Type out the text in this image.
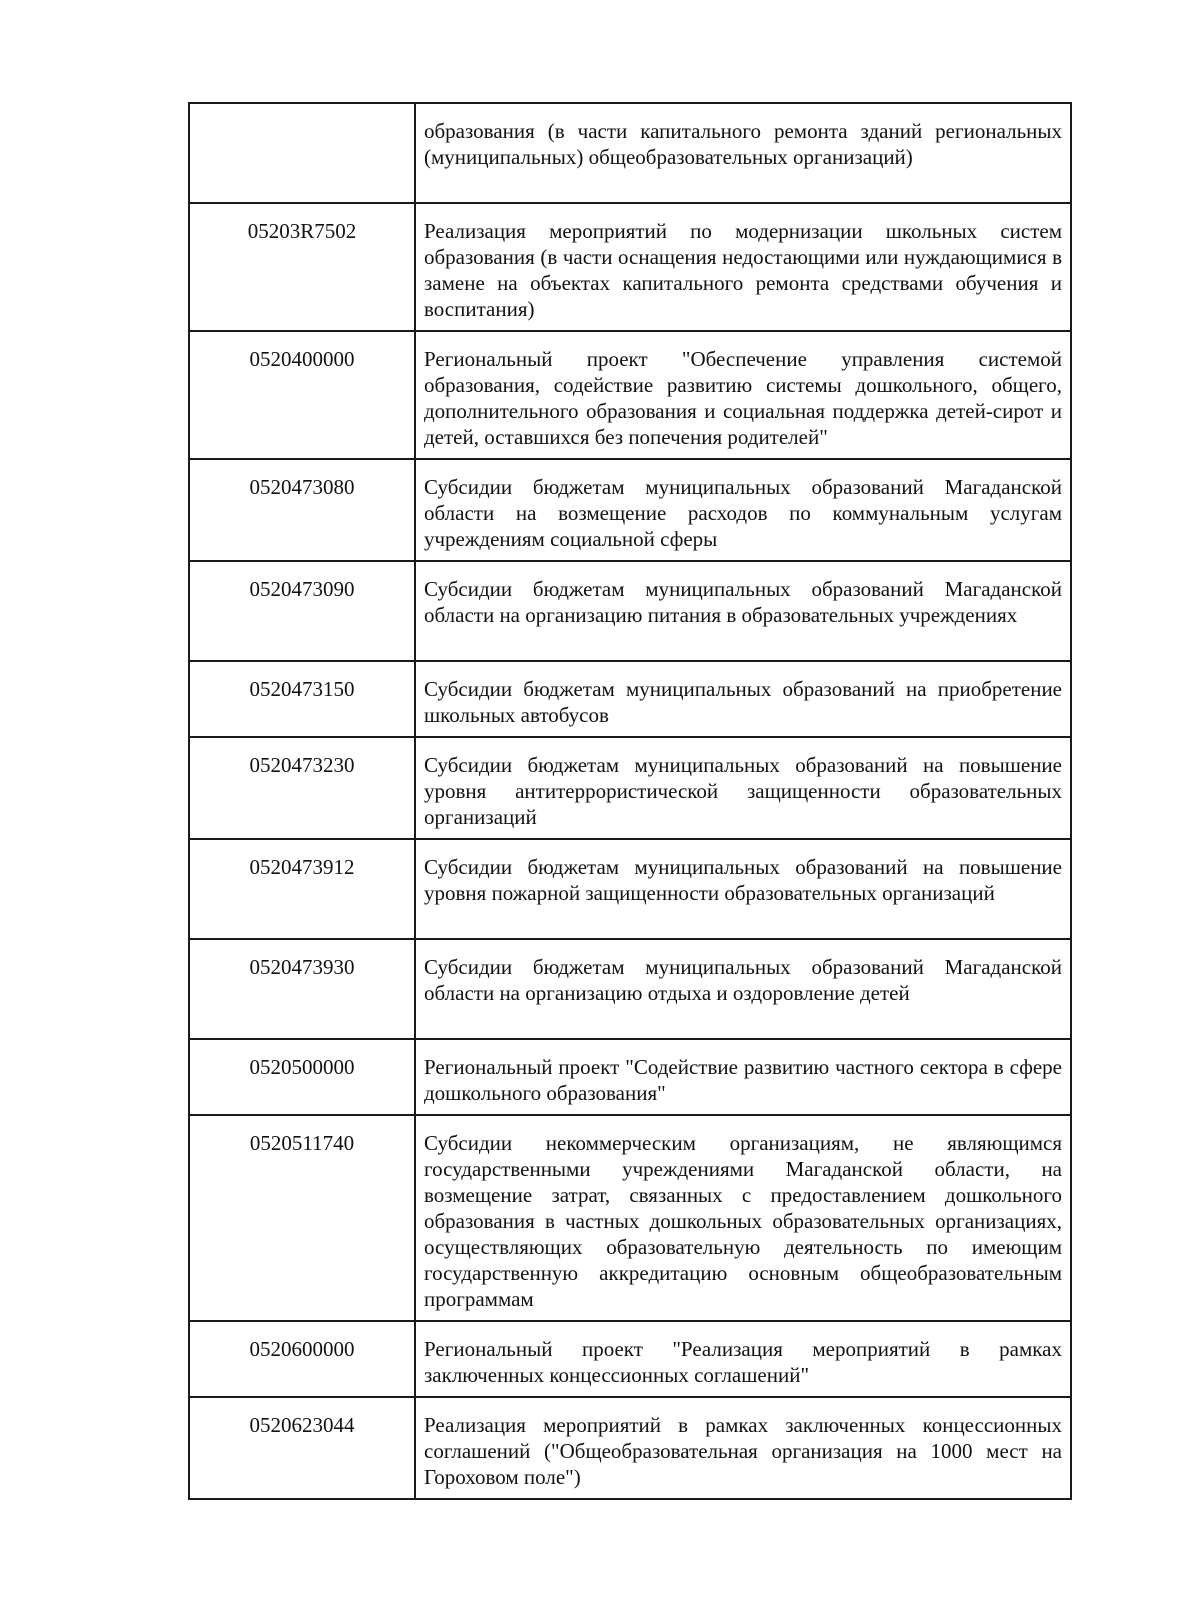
	образования (в части капитального ремонта зданий региональных (муниципальных) общеобразовательных организаций)
05203R7502	Реализация мероприятий по модернизации школьных систем образования (в части оснащения недостающими или нуждающимися в замене на объектах капитального ремонта средствами обучения и воспитания)
0520400000	Региональный проект "Обеспечение управления системой образования, содействие развитию системы дошкольного, общего, дополнительного образования и социальная поддержка детей-сирот и детей, оставшихся без попечения родителей"
0520473080	Субсидии бюджетам муниципальных образований Магаданской области на возмещение расходов по коммунальным услугам учреждениям социальной сферы
0520473090	Субсидии бюджетам муниципальных образований Магаданской области на организацию питания в образовательных учреждениях
0520473150	Субсидии бюджетам муниципальных образований на приобретение школьных автобусов
0520473230	Субсидии бюджетам муниципальных образований на повышение уровня антитеррористической защищенности образовательных организаций
0520473912	Субсидии бюджетам муниципальных образований на повышение уровня пожарной защищенности образовательных организаций
0520473930	Субсидии бюджетам муниципальных образований Магаданской области на организацию отдыха и оздоровление детей
0520500000	Региональный проект "Содействие развитию частного сектора в сфере дошкольного образования"
0520511740	Субсидии некоммерческим организациям, не являющимся государственными учреждениями Магаданской области, на возмещение затрат, связанных с предоставлением дошкольного образования в частных дошкольных образовательных организациях, осуществляющих образовательную деятельность по имеющим государственную аккредитацию основным общеобразовательным программам
0520600000	Региональный проект "Реализация мероприятий в рамках заключенных концессионных соглашений"
0520623044	Реализация мероприятий в рамках заключенных концессионных соглашений ("Общеобразовательная организация на 1000 мест на Гороховом поле")
